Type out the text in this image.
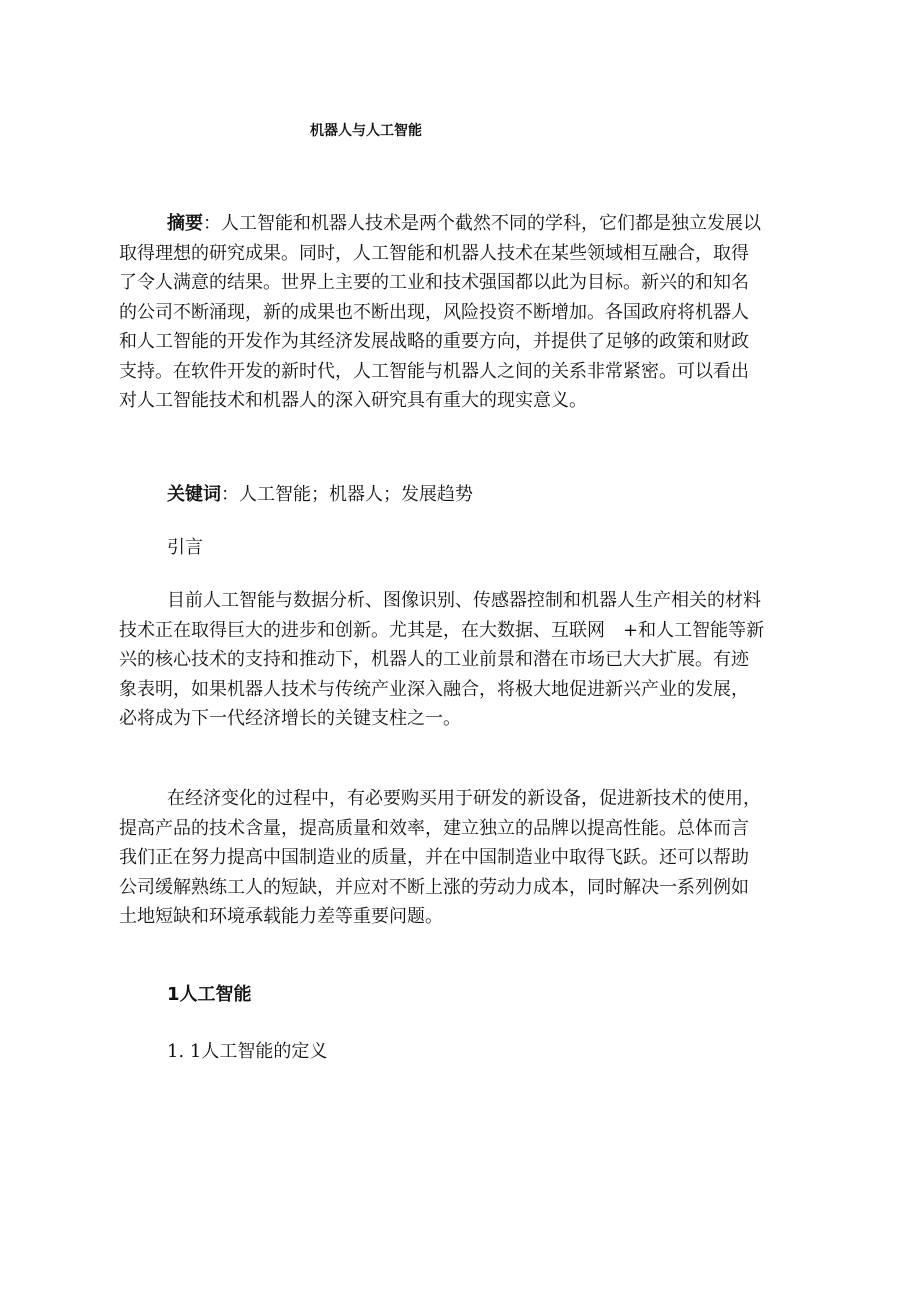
机器人与人工智能

摘要：人工智能和机器人技术是两个截然不同的学科，它们都是独立发展以
取得理想的研究成果。同时，人工智能和机器人技术在某些领域相互融合，取得
了令人满意的结果。世界上主要的工业和技术强国都以此为目标。新兴的和知名
的公司不断涌现，新的成果也不断出现，风险投资不断增加。各国政府将机器人
和人工智能的开发作为其经济发展战略的重要方向，并提供了足够的政策和财政
支持。在软件开发的新时代，人工智能与机器人之间的关系非常紧密。可以看出
对人工智能技术和机器人的深入研究具有重大的现实意义。

关键词：人工智能；机器人；发展趋势
引言

目前人工智能与数据分析、图像识别、传感器控制和机器人生产相关的材料
技术正在取得巨大的进步和创新。尤其是，在大数据、互联网　+和人工智能等新
兴的核心技术的支持和推动下，机器人的工业前景和潜在市场已大大扩展。有迹
象表明，如果机器人技术与传统产业深入融合，将极大地促进新兴产业的发展，
必将成为下一代经济增长的关键支柱之一。

在经济变化的过程中，有必要购买用于研发的新设备，促进新技术的使用，
提高产品的技术含量，提高质量和效率，建立独立的品牌以提高性能。总体而言
我们正在努力提高中国制造业的质量，并在中国制造业中取得飞跃。还可以帮助
公司缓解熟练工人的短缺，并应对不断上涨的劳动力成本，同时解决一系列例如
土地短缺和环境承载能力差等重要问题。

1人工智能
1. 1人工智能的定义
